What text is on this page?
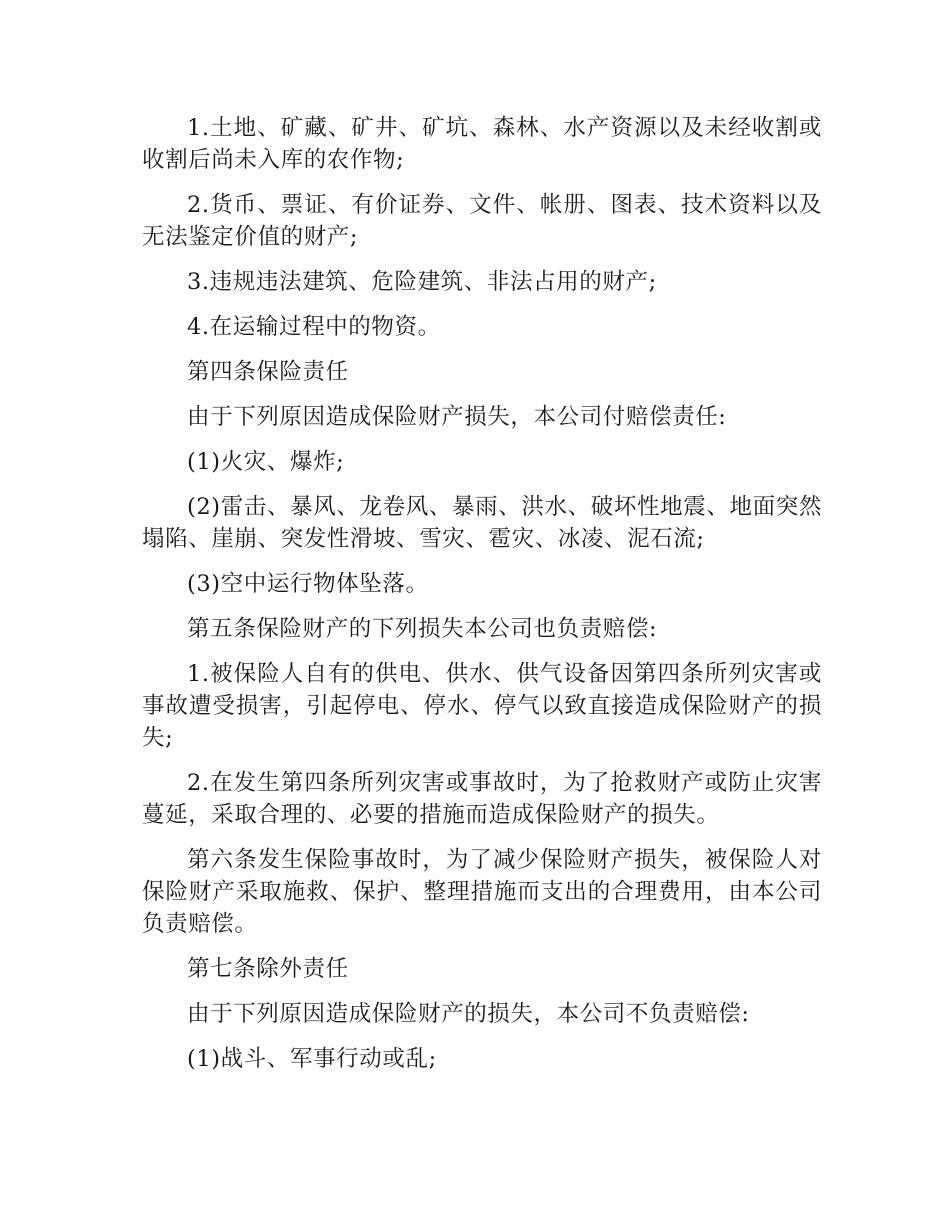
1.土地、矿藏、矿井、矿坑、森林、水产资源以及未经收割或收割后尚未入库的农作物;

2.货币、票证、有价证券、文件、帐册、图表、技术资料以及无法鉴定价值的财产;

3.违规违法建筑、危险建筑、非法占用的财产;

4.在运输过程中的物资。

第四条保险责任

由于下列原因造成保险财产损失，本公司付赔偿责任:

(1)火灾、爆炸;

(2)雷击、暴风、龙卷风、暴雨、洪水、破坏性地震、地面突然塌陷、崖崩、突发性滑坡、雪灾、雹灾、冰凌、泥石流;

(3)空中运行物体坠落。

第五条保险财产的下列损失本公司也负责赔偿:

1.被保险人自有的供电、供水、供气设备因第四条所列灾害或事故遭受损害，引起停电、停水、停气以致直接造成保险财产的损失;

2.在发生第四条所列灾害或事故时，为了抢救财产或防止灾害蔓延，采取合理的、必要的措施而造成保险财产的损失。

第六条发生保险事故时，为了减少保险财产损失，被保险人对保险财产采取施救、保护、整理措施而支出的合理费用，由本公司负责赔偿。

第七条除外责任

由于下列原因造成保险财产的损失，本公司不负责赔偿:

(1)战斗、军事行动或乱;
